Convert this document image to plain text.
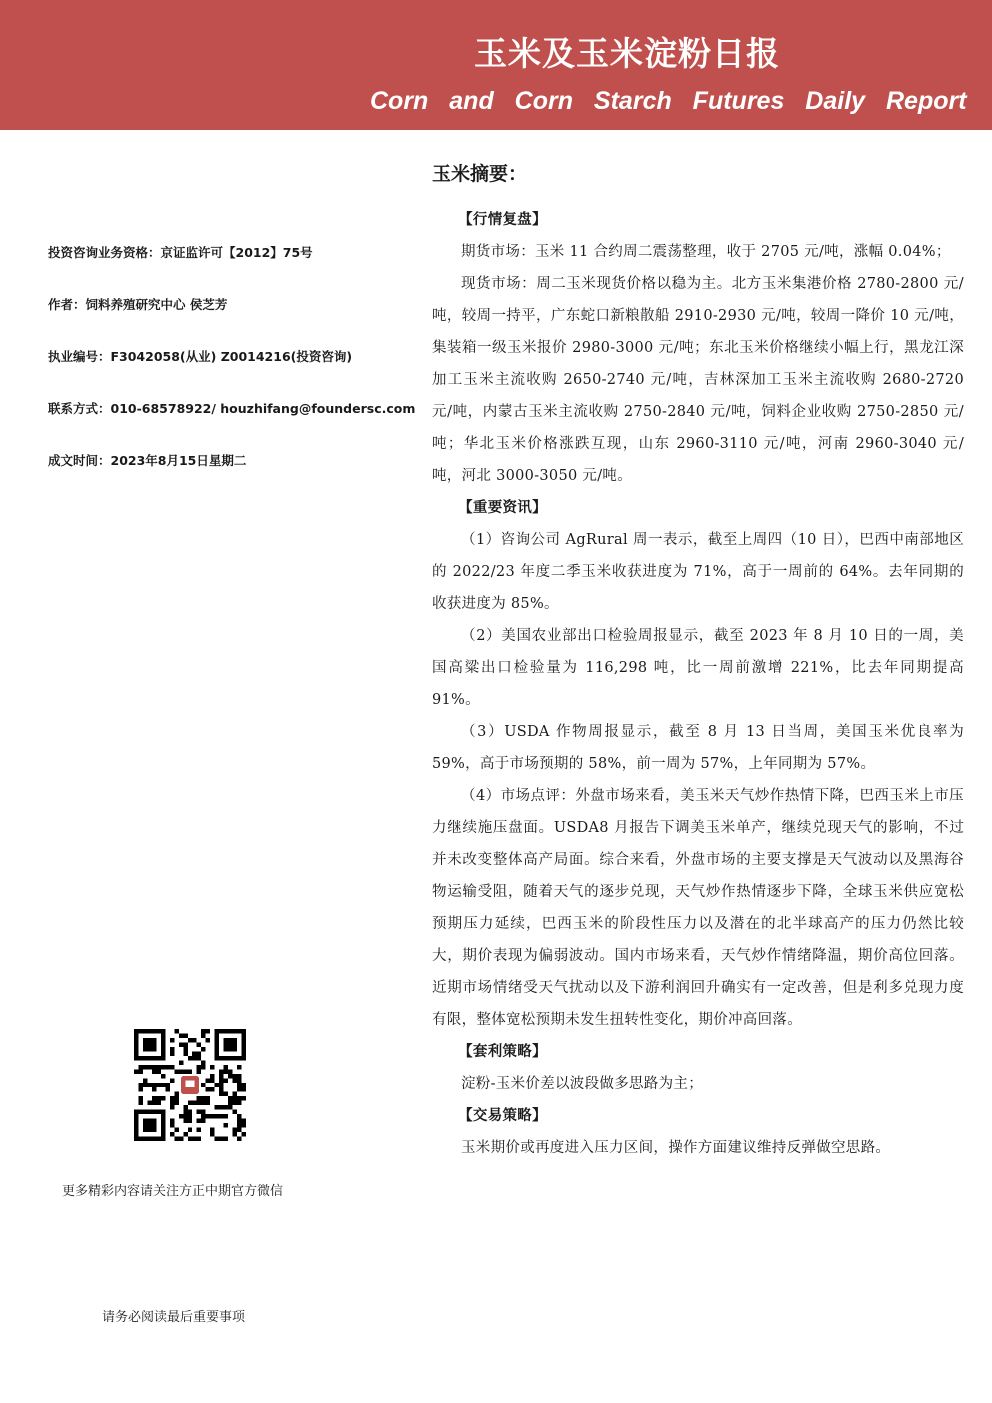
玉米及玉米淀粉日报
Corn and Corn Starch Futures Daily Report
投资咨询业务资格：京证监许可【2012】75号
作者：饲料养殖研究中心 侯芝芳
执业编号：F3042058(从业) Z0014216(投资咨询)
联系方式：010-68578922/ houzhifang@foundersc.com
成文时间：2023年8月15日星期二
更多精彩内容请关注方正中期官方微信
请务必阅读最后重要事项
玉米摘要：

【行情复盘】

期货市场：玉米 11 合约周二震荡整理，收于 2705 元/吨，涨幅 0.04%；

现货市场：周二玉米现货价格以稳为主。北方玉米集港价格 2780-2800 元/吨，较周一持平，广东蛇口新粮散船 2910-2930 元/吨，较周一降价 10 元/吨，集装箱一级玉米报价 2980-3000 元/吨；东北玉米价格继续小幅上行，黑龙江深加工玉米主流收购 2650-2740 元/吨，吉林深加工玉米主流收购 2680-2720 元/吨，内蒙古玉米主流收购 2750-2840 元/吨，饲料企业收购 2750-2850 元/吨；华北玉米价格涨跌互现，山东 2960-3110 元/吨，河南 2960-3040 元/吨，河北 3000-3050 元/吨。

【重要资讯】

（1）咨询公司 AgRural 周一表示，截至上周四（10 日），巴西中南部地区的 2022/23 年度二季玉米收获进度为 71%，高于一周前的 64%。去年同期的收获进度为 85%。

（2）美国农业部出口检验周报显示，截至 2023 年 8 月 10 日的一周，美国高粱出口检验量为 116,298 吨，比一周前激增 221%，比去年同期提高 91%。

（3）USDA 作物周报显示，截至 8 月 13 日当周，美国玉米优良率为 59%，高于市场预期的 58%，前一周为 57%，上年同期为 57%。

（4）市场点评：外盘市场来看，美玉米天气炒作热情下降，巴西玉米上市压力继续施压盘面。USDA8 月报告下调美玉米单产，继续兑现天气的影响，不过并未改变整体高产局面。综合来看，外盘市场的主要支撑是天气波动以及黑海谷物运输受阻，随着天气的逐步兑现，天气炒作热情逐步下降，全球玉米供应宽松预期压力延续，巴西玉米的阶段性压力以及潜在的北半球高产的压力仍然比较大，期价表现为偏弱波动。国内市场来看，天气炒作情绪降温，期价高位回落。近期市场情绪受天气扰动以及下游利润回升确实有一定改善，但是利多兑现力度有限，整体宽松预期未发生扭转性变化，期价冲高回落。

【套利策略】

淀粉-玉米价差以波段做多思路为主；

【交易策略】

玉米期价或再度进入压力区间，操作方面建议维持反弹做空思路。
